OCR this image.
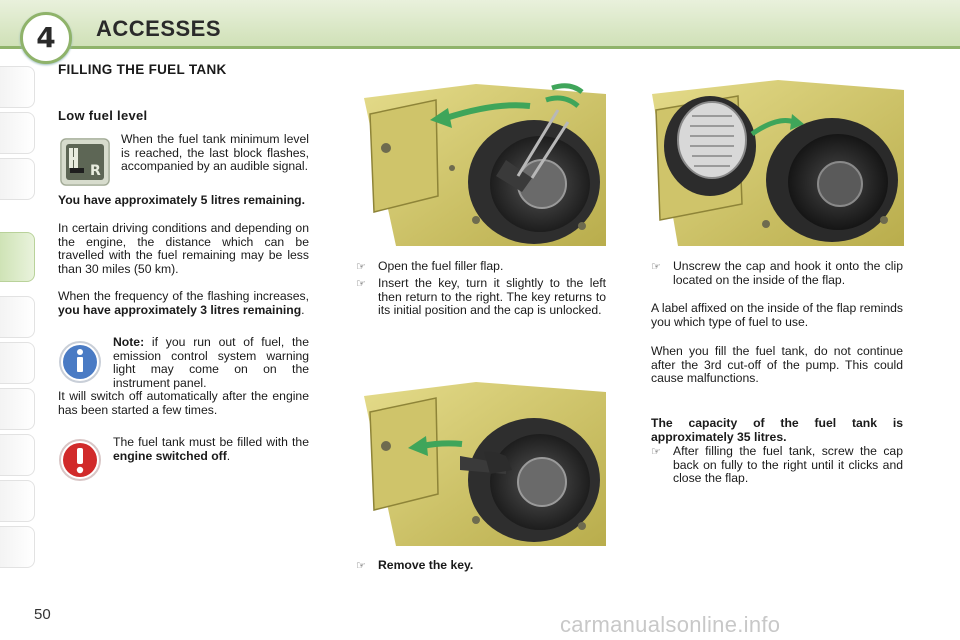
4	ACCESSES
FILLING THE FUEL TANK
Low fuel level
R
When the fuel tank minimum level is reached, the last block flashes, accompanied by an audible signal.
You have approximately 5 litres remaining.
In certain driving conditions and depending on the engine, the distance which can be travelled with the fuel remaining may be less than 30 miles (50 km).
When the frequency of the flashing increases, you have approximately 3 litres remaining.
Note: if you run out of fuel, the emission control system warning light may come on on the instrument panel.
It will switch off automatically after the engine has been started a few times.
The fuel tank must be filled with the engine switched off.
☞ Open the fuel filler flap.
☞ Insert the key, turn it slightly to the left then return to the right. The key returns to its initial position and the cap is unlocked.
☞ Remove the key.
☞ Unscrew the cap and hook it onto the clip located on the inside of the flap.
A label affixed on the inside of the flap reminds you which type of fuel to use.
When you fill the fuel tank, do not continue after the 3rd cut-off of the pump. This could cause malfunctions.
The capacity of the fuel tank is approximately 35 litres.
☞ After filling the fuel tank, screw the cap back on fully to the right until it clicks and close the flap.
50	carmanualsonline.info
